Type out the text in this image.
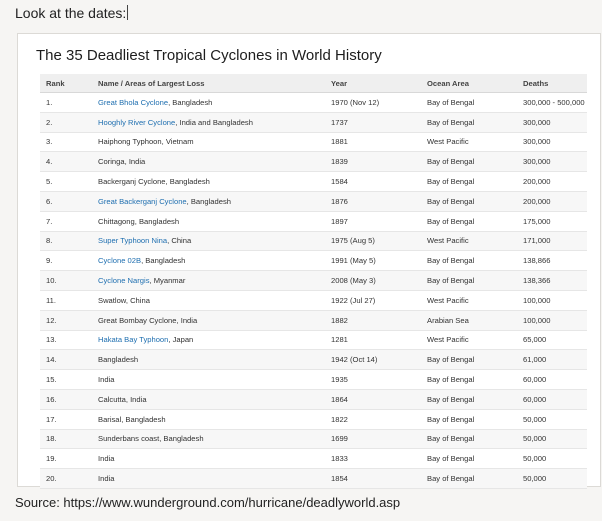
Look at the dates:
The 35 Deadliest Tropical Cyclones in World History
Rank	Name / Areas of Largest Loss	Year	Ocean Area	Deaths
1.	Great Bhola Cyclone, Bangladesh	1970 (Nov 12)	Bay of Bengal	300,000 - 500,000
2.	Hooghly River Cyclone, India and Bangladesh	1737	Bay of Bengal	300,000
3.	Haiphong Typhoon, Vietnam	1881	West Pacific	300,000
4.	Coringa, India	1839	Bay of Bengal	300,000
5.	Backerganj Cyclone, Bangladesh	1584	Bay of Bengal	200,000
6.	Great Backerganj Cyclone, Bangladesh	1876	Bay of Bengal	200,000
7.	Chittagong, Bangladesh	1897	Bay of Bengal	175,000
8.	Super Typhoon Nina, China	1975 (Aug 5)	West Pacific	171,000
9.	Cyclone 02B, Bangladesh	1991 (May 5)	Bay of Bengal	138,866
10.	Cyclone Nargis, Myanmar	2008 (May 3)	Bay of Bengal	138,366
11.	Swatlow, China	1922 (Jul 27)	West Pacific	100,000
12.	Great Bombay Cyclone, India	1882	Arabian Sea	100,000
13.	Hakata Bay Typhoon, Japan	1281	West Pacific	65,000
14.	Bangladesh	1942 (Oct 14)	Bay of Bengal	61,000
15.	India	1935	Bay of Bengal	60,000
16.	Calcutta, India	1864	Bay of Bengal	60,000
17.	Barisal, Bangladesh	1822	Bay of Bengal	50,000
18.	Sunderbans coast, Bangladesh	1699	Bay of Bengal	50,000
19.	India	1833	Bay of Bengal	50,000
20.	India	1854	Bay of Bengal	50,000
Source: https://www.wunderground.com/hurricane/deadlyworld.asp
